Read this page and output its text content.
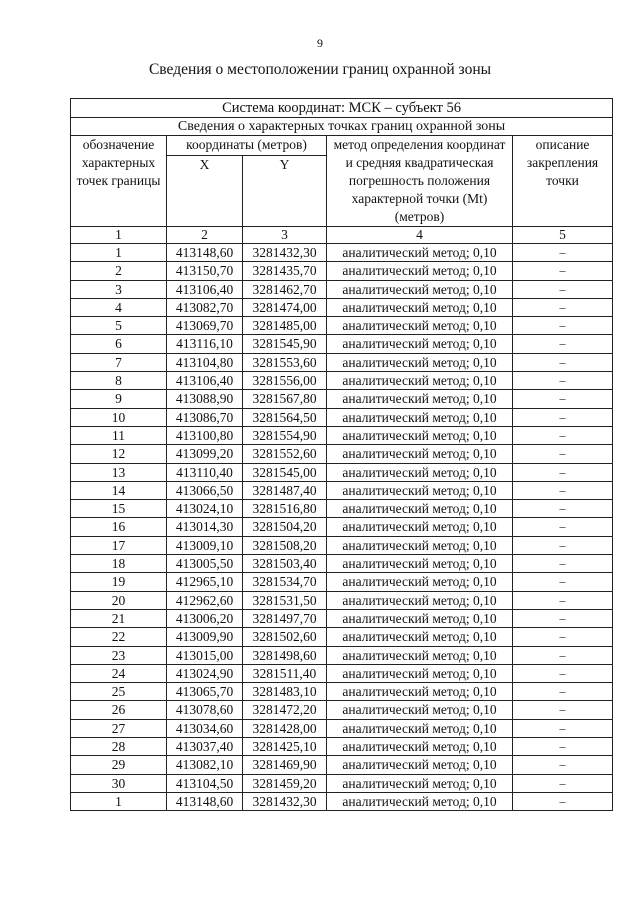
9
Сведения о местоположении границ охранной зоны
Система координат: МСК – субъект 56				
Сведения о характерных точках границ охранной зоны				
обозначение характерных точек границы	координаты (метров)		метод определения координат и средняя квадратическая погрешность положения характерной точки (Mt) (метров)	описание закрепления точки
	X	Y		
1	2	3	4	5
1	413148,60	3281432,30	аналитический метод; 0,10	–
2	413150,70	3281435,70	аналитический метод; 0,10	–
3	413106,40	3281462,70	аналитический метод; 0,10	–
4	413082,70	3281474,00	аналитический метод; 0,10	–
5	413069,70	3281485,00	аналитический метод; 0,10	–
6	413116,10	3281545,90	аналитический метод; 0,10	–
7	413104,80	3281553,60	аналитический метод; 0,10	–
8	413106,40	3281556,00	аналитический метод; 0,10	–
9	413088,90	3281567,80	аналитический метод; 0,10	–
10	413086,70	3281564,50	аналитический метод; 0,10	–
11	413100,80	3281554,90	аналитический метод; 0,10	–
12	413099,20	3281552,60	аналитический метод; 0,10	–
13	413110,40	3281545,00	аналитический метод; 0,10	–
14	413066,50	3281487,40	аналитический метод; 0,10	–
15	413024,10	3281516,80	аналитический метод; 0,10	–
16	413014,30	3281504,20	аналитический метод; 0,10	–
17	413009,10	3281508,20	аналитический метод; 0,10	–
18	413005,50	3281503,40	аналитический метод; 0,10	–
19	412965,10	3281534,70	аналитический метод; 0,10	–
20	412962,60	3281531,50	аналитический метод; 0,10	–
21	413006,20	3281497,70	аналитический метод; 0,10	–
22	413009,90	3281502,60	аналитический метод; 0,10	–
23	413015,00	3281498,60	аналитический метод; 0,10	–
24	413024,90	3281511,40	аналитический метод; 0,10	–
25	413065,70	3281483,10	аналитический метод; 0,10	–
26	413078,60	3281472,20	аналитический метод; 0,10	–
27	413034,60	3281428,00	аналитический метод; 0,10	–
28	413037,40	3281425,10	аналитический метод; 0,10	–
29	413082,10	3281469,90	аналитический метод; 0,10	–
30	413104,50	3281459,20	аналитический метод; 0,10	–
1	413148,60	3281432,30	аналитический метод; 0,10	–
